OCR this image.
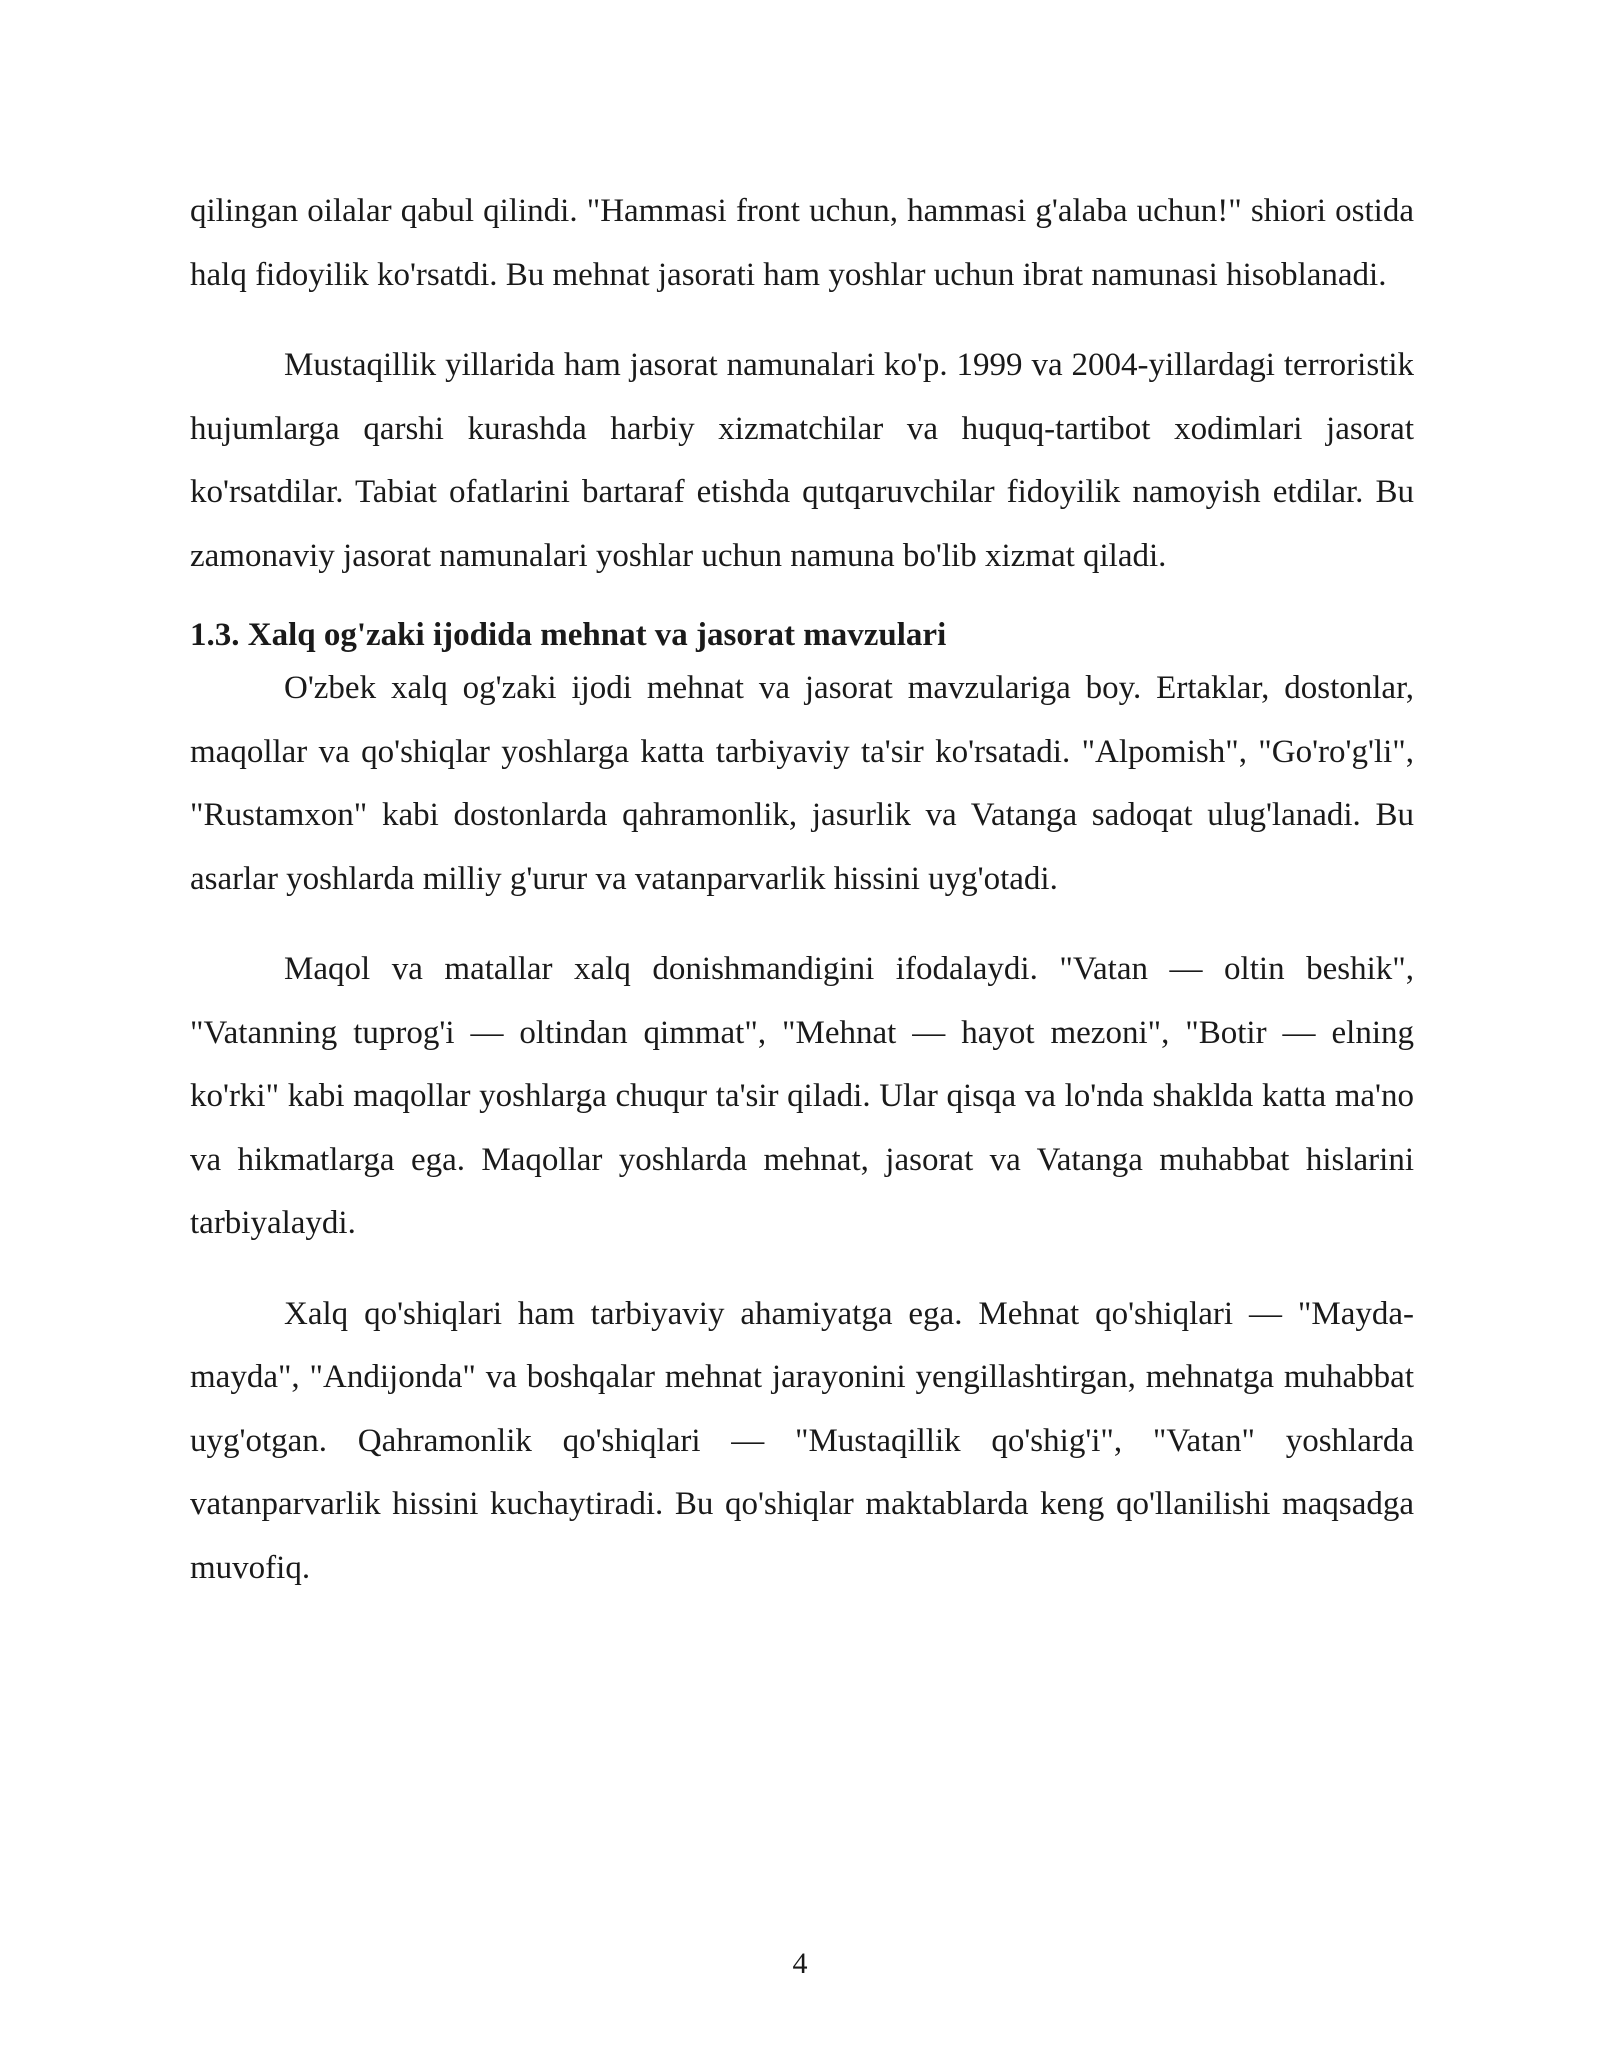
qilingan oilalar qabul qilindi. "Hammasi front uchun, hammasi g'alaba uchun!" shiori ostida halq fidoyilik ko'rsatdi. Bu mehnat jasorati ham yoshlar uchun ibrat namunasi hisoblanadi.

Mustaqillik yillarida ham jasorat namunalari ko'p. 1999 va 2004-yillardagi terroristik hujumlarga qarshi kurashda harbiy xizmatchilar va huquq-tartibot xodimlari jasorat ko'rsatdilar. Tabiat ofatlarini bartaraf etishda qutqaruvchilar fidoyilik namoyish etdilar. Bu zamonaviy jasorat namunalari yoshlar uchun namuna bo'lib xizmat qiladi.

1.3. Xalq og'zaki ijodida mehnat va jasorat mavzulari

O'zbek xalq og'zaki ijodi mehnat va jasorat mavzulariga boy. Ertaklar, dostonlar, maqollar va qo'shiqlar yoshlarga katta tarbiyaviy ta'sir ko'rsatadi. "Alpomish", "Go'ro'g'li", "Rustamxon" kabi dostonlarda qahramonlik, jasurlik va Vatanga sadoqat ulug'lanadi. Bu asarlar yoshlarda milliy g'urur va vatanparvarlik hissini uyg'otadi.

Maqol va matallar xalq donishmandigini ifodalaydi. "Vatan — oltin beshik", "Vatanning tuprog'i — oltindan qimmat", "Mehnat — hayot mezoni", "Botir — elning ko'rki" kabi maqollar yoshlarga chuqur ta'sir qiladi. Ular qisqa va lo'nda shaklda katta ma'no va hikmatlarga ega. Maqollar yoshlarda mehnat, jasorat va Vatanga muhabbat hislarini tarbiyalaydi.

Xalq qo'shiqlari ham tarbiyaviy ahamiyatga ega. Mehnat qo'shiqlari — "Mayda-mayda", "Andijonda" va boshqalar mehnat jarayonini yengillashtirgan, mehnatga muhabbat uyg'otgan. Qahramonlik qo'shiqlari — "Mustaqillik qo'shig'i", "Vatan" yoshlarda vatanparvarlik hissini kuchaytiradi. Bu qo'shiqlar maktablarda keng qo'llanilishi maqsadga muvofiq.

4
